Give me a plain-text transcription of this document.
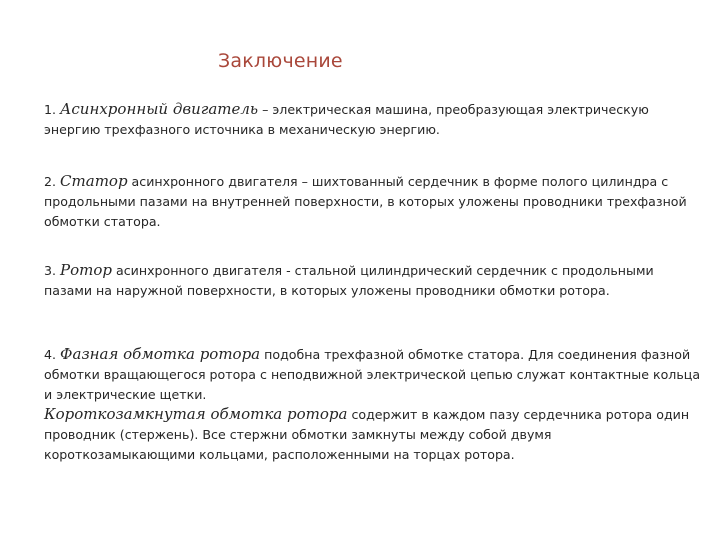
Заключение
1. Асинхронный двигатель – электрическая машина, преобразующая электрическую энергию трехфазного источника в механическую энергию.
2. Статор асинхронного двигателя – шихтованный сердечник в форме полого цилиндра с продольными пазами на внутренней поверхности, в которых уложены проводники трехфазной обмотки статора.
3. Ротор асинхронного двигателя - стальной цилиндрический сердечник с продольными пазами на наружной поверхности, в которых уложены проводники обмотки ротора.
4. Фазная обмотка ротора подобна трехфазной обмотке статора. Для соединения фазной обмотки вращающегося ротора с неподвижной электрической цепью служат контактные кольца и электрические щетки.
Короткозамкнутая обмотка ротора содержит в каждом пазу сердечника ротора один проводник (стержень). Все стержни обмотки замкнуты между собой двумя короткозамыкающими кольцами, расположенными на торцах ротора.
